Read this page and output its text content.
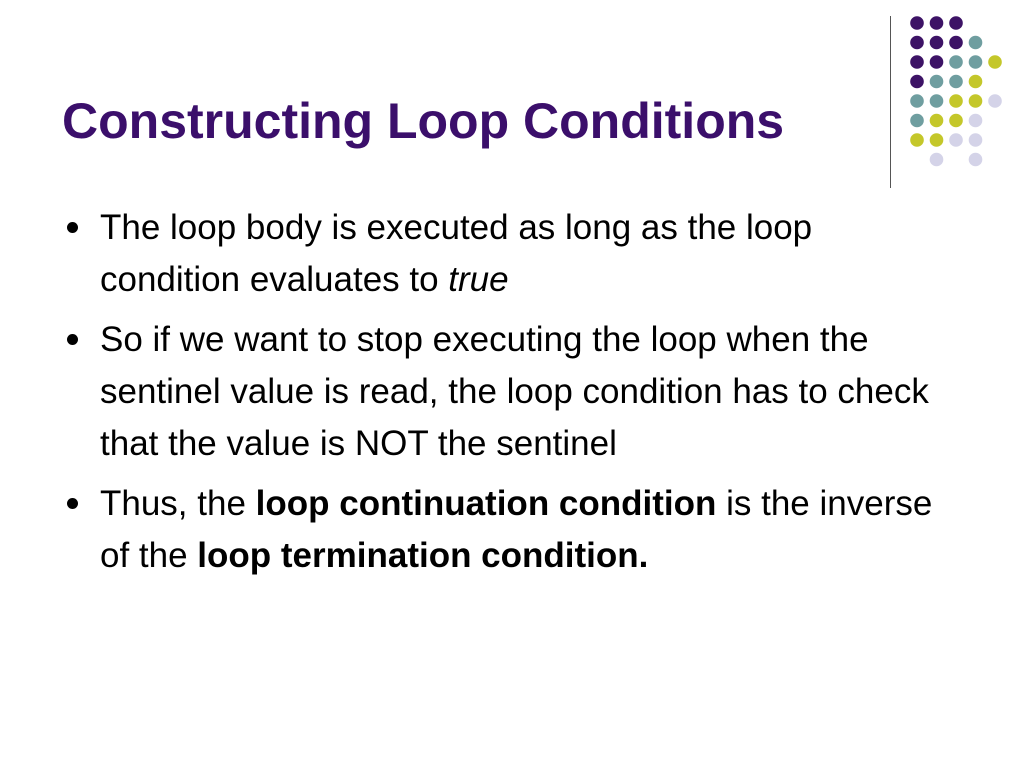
Constructing Loop Conditions
The loop body is executed as long as the loop condition evaluates to true
So if we want to stop executing the loop when the sentinel value is read, the loop condition has to check that the value is NOT the sentinel
Thus, the loop continuation condition is the inverse of the loop termination condition.
